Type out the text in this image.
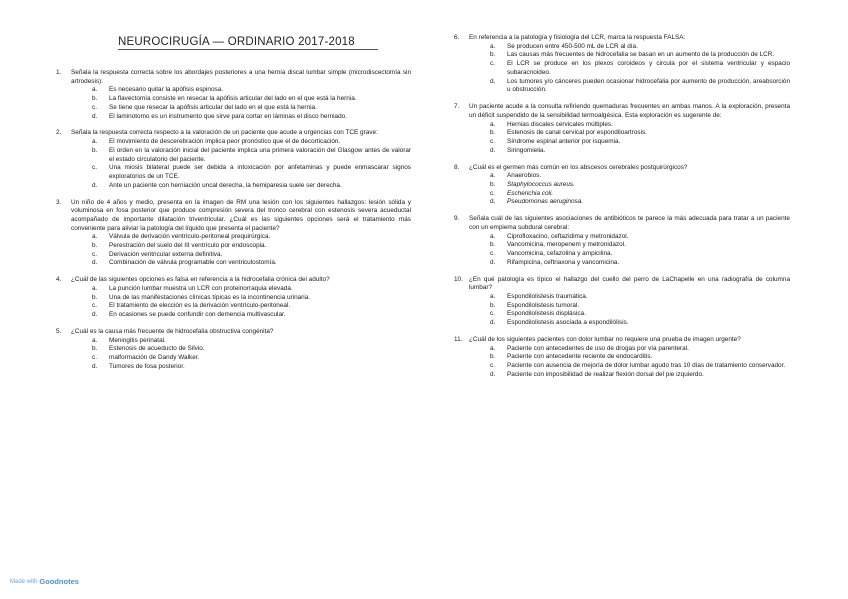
NEUROCIRUGÍA — ORDINARIO 2017-2018
1.	Señala la respuesta correcta sobre los abordajes posteriores a una hernia discal lumbar simple (microdiscectomía sin artrodesis):
a.	Es necesario quitar la apófisis espinosa.
b.	La flavectomía consiste en resecar la apófisis articular del lado en el que está la hernia.
c.	Se tiene que resecar la apófisis articular del lado en el que está la hernia.
d.	El laminotomo es un instrumento que sirve para cortar en láminas el disco herniado.
2.	Señala la respuesta correcta respecto a la valoración de un paciente que acude a urgencias con TCE grave:
a.	El movimiento de descerebración implica peor pronóstico que el de decorticación.
b.	El orden en la valoración inicial del paciente implica una primera valoración del Glasgow antes de valorar el estado circulatorio del paciente.
c.	Una miosis bilateral puede ser debida a intoxicación por anfetaminas y puede enmascarar signos exploratorios de un TCE.
d.	Ante un paciente con herniación uncal derecha, la hemiparesia suele ser derecha.
3.	Un niño de 4 años y medio, presenta en la imagen de RM una lesión con los siguientes hallazgos: lesión sólida y voluminosa en fosa posterior que produce compresión severa del tronco cerebral con estenosis severa acueductal acompañado de importante dilatación triventricular. ¿Cuál es las siguientes opciones será el tratamiento más conveniente para aliviar la patología del líquido que presenta el paciente?
a.	Válvula de derivación ventrículo-peritoneal prequirúrgica.
b.	Perestración del suelo del III ventrículo por endoscopia.
c.	Derivación ventricular externa definitiva.
d.	Combinación de válvula programable con ventriculostomía.
4.	¿Cuál de las siguientes opciones es falsa en referencia a la hidrocefalia crónica del adulto?
a.	La punción lumbar muestra un LCR con proteinorraquia elevada.
b.	Una de las manifestaciones clínicas típicas es la incontinencia urinaria.
c.	El tratamiento de elección es la derivación ventrículo-peritoneal.
d.	En ocasiones se puede confundir con demencia multivascular.
5.	¿Cuál es la causa más frecuente de hidrocefalia obstructiva congénita?
a.	Meningitis perinatal.
b.	Estenosis de acueducto de Silvio.
c.	malformación de Dandy Walker.
d.	Tumores de fosa posterior.
6.	En referencia a la patología y fisiología del LCR, marca la respuesta FALSA:
a.	Se producen entre 450-500 mL de LCR al día.
b.	Las causas más frecuentes de hidrocefalia se basan en un aumento de la producción de LCR.
c.	El LCR se produce en los plexos coroideos y circula por el sistema ventricular y espacio subaracnoideo.
d.	Los tumores y/o cánceres pueden ocasionar hidrocefalia por aumento de producción, areabsorción u obstrucción.
7.	Un paciente acude a la consulta refiriendo quemaduras frecuentes en ambas manos. A la exploración, presenta un déficit suspendido de la sensibilidad termoalgésica. Esta exploración es sugerente de:
a.	Hernias discales cervicales múltiples.
b.	Estenosis de canal cervical por espondiloartrosis.
c.	Síndrome espinal anterior por isquemia.
d.	Siringomielia.
8.	¿Cuál es el germen más común en los abscesos cerebrales postquirúrgicos?
a.	Anaerobios.
b.	Staphylococcus aureus.
c.	Escherichia coli.
d.	Pseudomonas aeruginosa.
9.	Señala cuál de las siguientes asociaciones de antibióticos te parece la más adecuada para tratar a un paciente con un empiema subdural cerebral:
a.	Ciprofloxacino, ceftazidima y metronidazol.
b.	Vancomicina, meropenem y metronidazol.
c.	Vancomicina, cefazolina y ampicilina.
d.	Rifampicina, ceftriaxona y vancomicina.
10. ¿En qué patología es típico el hallazgo del cuello del perro de LaChapelle en una radiografía de columna lumbar?
a.	Espondilolistesis traumática.
b.	Espondilolistesis tumoral.
c.	Espondilolistesis displásica.
d.	Espondilolistesis asociada a espondilólisis.
11.	¿Cuál de los siguientes pacientes con dolor lumbar no requiere una prueba de imagen urgente?
a.	Paciente con antecedentes de uso de drogas por vía parenteral.
b.	Paciente con antecedente reciente de endocarditis.
c.	Paciente con ausencia de mejoría de dolor lumbar agudo tras 10 días de tratamiento conservador.
d.	Paciente con imposibilidad de realizar flexión dorsal del pie izquierdo.
Made with Goodnotes
